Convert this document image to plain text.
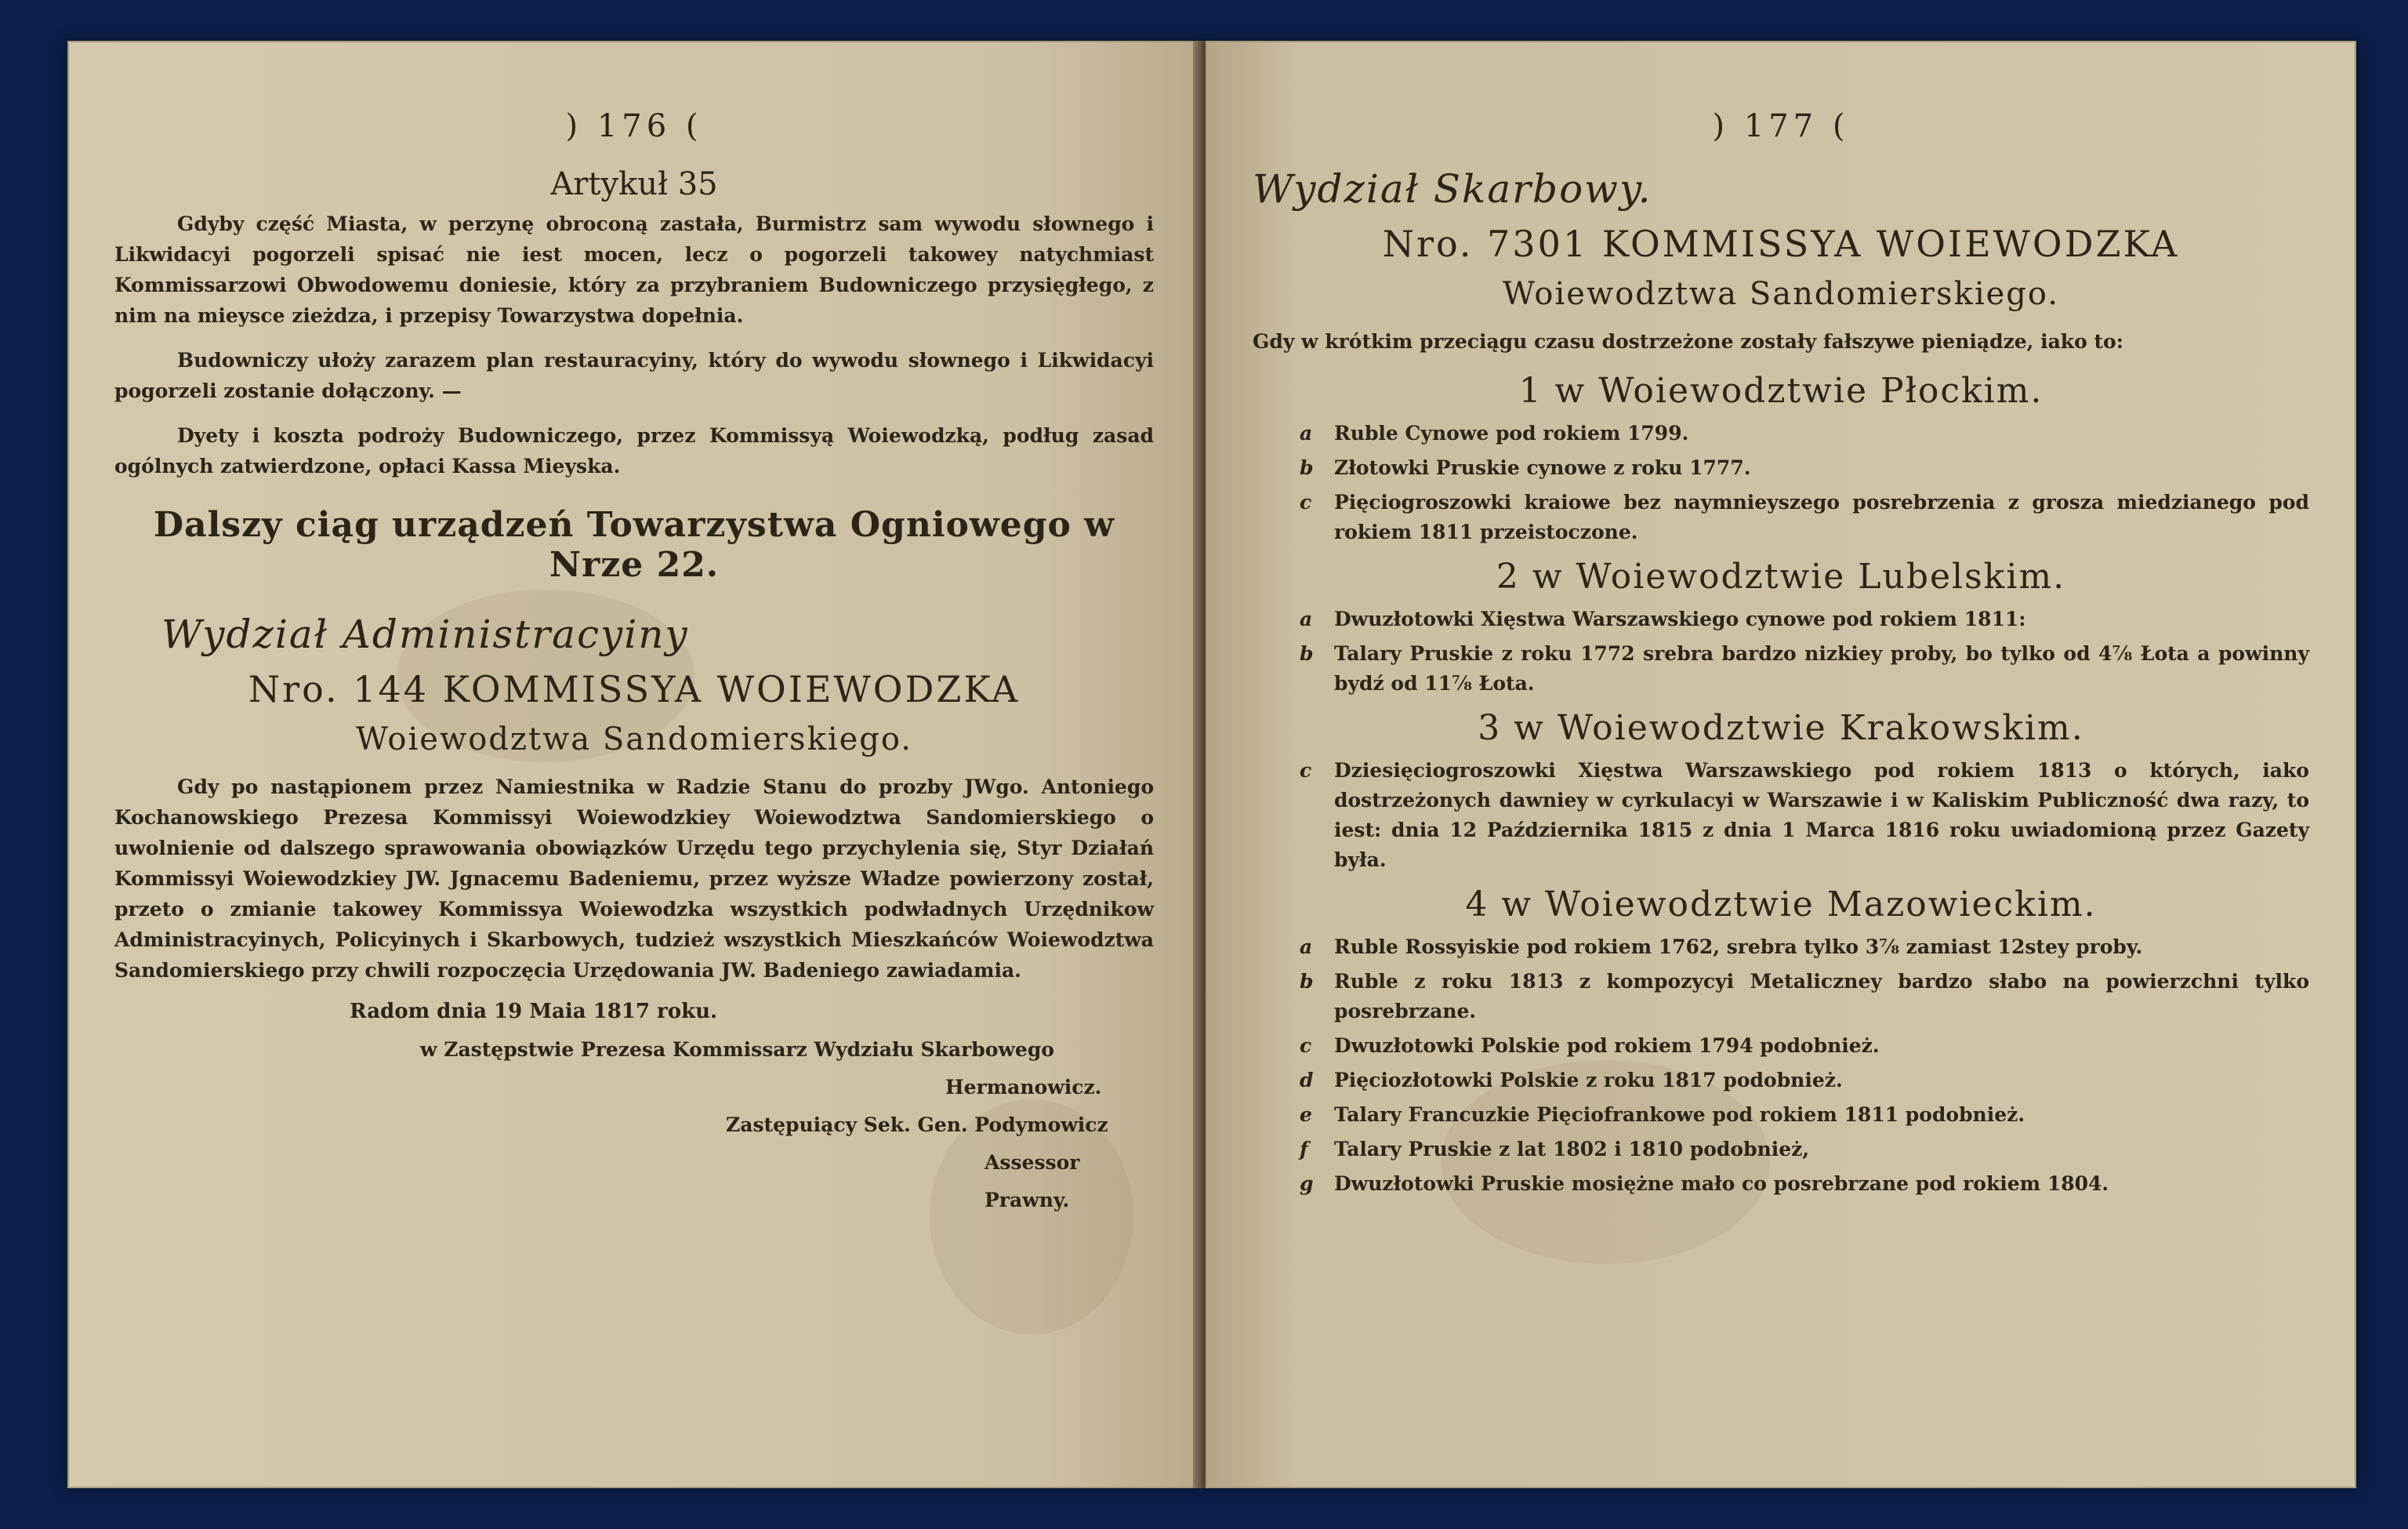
) 176 (
Artykuł 35

Gdyby część Miasta, w perzynę obroconą zastała, Burmistrz sam wywodu słownego i Likwidacyi pogorzeli spisać nie iest mocen, lecz o pogorzeli takowey natychmiast Kommissarzowi Obwodowemu doniesie, który za przybraniem Budowniczego przysięgłego, z nim na mieysce zieżdza, i przepisy Towarzystwa dopełnia.

Budowniczy ułoży zarazem plan restauracyiny, który do wywodu słownego i Likwidacyi pogorzeli zostanie dołączony. —

Dyety i koszta podroży Budowniczego, przez Kommissyą Woiewodzką, podług zasad ogólnych zatwierdzone, opłaci Kassa Mieyska.

Dalszy ciąg urządzeń Towarzystwa Ogniowego w Nrze 22.
Wydział Administracyiny
Nro. 144 KOMMISSYA WOIEWODZKA
Woiewodztwa Sandomierskiego.

Gdy po nastąpionem przez Namiestnika w Radzie Stanu do prozby JWgo. Antoniego Kochanowskiego Prezesa Kommissyi Woiewodzkiey Woiewodztwa Sandomierskiego o uwolnienie od dalszego sprawowania obowiązków Urzędu tego przychylenia się, Styr Działań Kommissyi Woiewodzkiey JW. Jgnacemu Badeniemu, przez wyższe Władze powierzony został, przeto o zmianie takowey Kommissya Woiewodzka wszystkich podwładnych Urzędnikow Administracyinych, Policyinych i Skarbowych, tudzież wszystkich Mieszkańców Woiewodztwa Sandomierskiego przy chwili rozpoczęcia Urzędowania JW. Badeniego zawiadamia.

Radom dnia 19 Maia 1817 roku.
w Zastępstwie Prezesa Kommissarz Wydziału Skarbowego
Hermanowicz.
Zastępuiący Sek. Gen. Podymowicz
Assessor Prawny.
) 177 (
Wydział Skarbowy.
Nro. 7301 KOMMISSYA WOIEWODZKA
Woiewodztwa Sandomierskiego.

Gdy w krótkim przeciągu czasu dostrzeżone zostały fałszywe pieniądze, iako to:

1 w Woiewodztwie Płockim.
a	Ruble Cynowe pod rokiem 1799.
b	Złotowki Pruskie cynowe z roku 1777.
c	Pięciogroszowki kraiowe bez naymnieyszego posrebrzenia z grosza miedzianego pod rokiem 1811 przeistoczone.
2 w Woiewodztwie Lubelskim.
a	Dwuzłotowki Xięstwa Warszawskiego cynowe pod rokiem 1811:
b	Talary Pruskie z roku 1772 srebra bardzo nizkiey proby, bo tylko od 4⅞ Łota a powinny bydź od 11⅞ Łota.
3 w Woiewodztwie Krakowskim.
c	Dziesięciogroszowki Xięstwa Warszawskiego pod rokiem 1813 o których, iako dostrzeżonych dawniey w cyrkulacyi w Warszawie i w Kaliskim Publiczność dwa razy, to iest: dnia 12 Października 1815 z dnia 1 Marca 1816 roku uwiadomioną przez Gazety była.
4 w Woiewodztwie Mazowieckim.
a	Ruble Rossyiskie pod rokiem 1762, srebra tylko 3⅞ zamiast 12stey proby.
b	Ruble z roku 1813 z kompozycyi Metaliczney bardzo słabo na powierzchni tylko posrebrzane.
c	Dwuzłotowki Polskie pod rokiem 1794 podobnież.
d	Pięciozłotowki Polskie z roku 1817 podobnież.
e	Talary Francuzkie Pięciofrankowe pod rokiem 1811 podobnież.
f	Talary Pruskie z lat 1802 i 1810 podobnież,
g	Dwuzłotowki Pruskie mosiężne mało co posrebrzane pod rokiem 1804.
